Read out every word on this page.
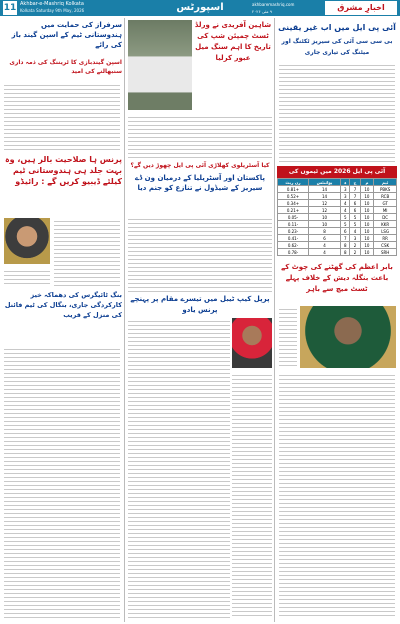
11 Akhbar-e-Mashriq Kolkata
Kolkata Saturday 9th May, 2026	اسپورٹس	akhbaremashriq.com
۹ مئی ۲۰۲۶	اخبارِ مشرق
سرفراز کی حمایت میں ہندوستانی ٹیم کے اسپن گیند باز کی رائے
اسپن گیندبازی کا ٹریننگ کی ذمہ داری سنبھالنے کی امید
پرنس ہا صلاحیت بالر ہیں، وہ بہت جلد ہی ہندوستانی ٹیم کیلئے ڈیبیو کریں گے : رائیڈو
بنگ ٹائیگرس کی دھماکہ خیز کارکردگی جاری، بنگال کی ٹیم فائنل کی منزل کے قریب
شاہین آفریدی نے ورلڈ ٹسٹ چمپئن شپ کی تاریخ کا اہم سنگ میل عبور کرلیا
کیا آسٹریلوی کھلاڑی آئی پی ایل چھوڑ دیں گے؟
پاکستان اور آسٹریلیا کے درمیان ون ڈے سیریز کے شیڈول نے تنازع کو جنم دیا
پرپل کیپ ٹیبل میں تیسرے مقام پر پہنچے پرنس یادو
آئی پی ایل میں اب غیر یقینی
بی سی سی آئی کی سیریز ٹکٹنگ اور میٹنگ کی تیاری جاری
آئی پی ایل 2026 میں ٹیموں کی
ٹیم	م	ج	ہ	پوائنٹس	رن ریٹ
PBKS	10	7	3	14	+0.81
RCB	10	7	3	14	+0.52
GT	10	6	4	12	+0.34
MI	10	6	4	12	+0.21
DC	10	5	5	10	-0.05
KKR	10	5	5	10	-0.11
LSG	10	4	6	8	-0.23
RR	10	3	7	6	-0.41
CSK	10	2	8	4	-0.62
SRH	10	2	8	4	-0.78
بابر اعظم کی گھٹنے کی چوٹ کے باعث بنگلہ دیش کے خلاف پہلے ٹسٹ میچ سے باہر
